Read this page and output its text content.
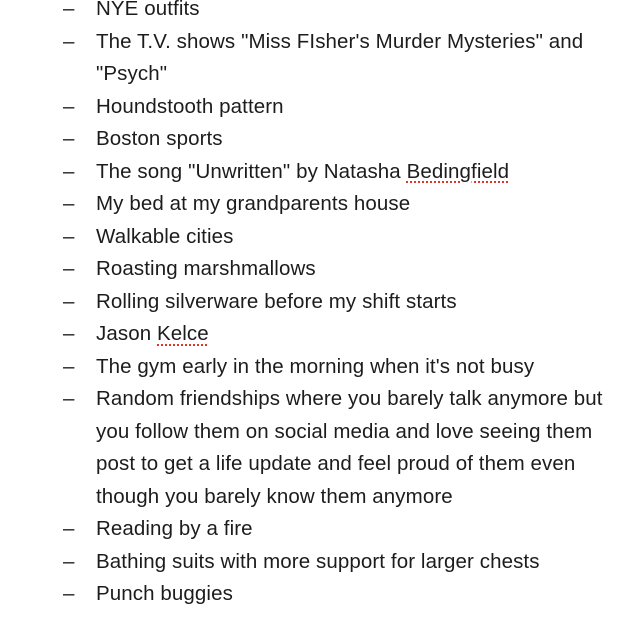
–	NYE outfits
–	The T.V. shows "Miss FIsher's Murder Mysteries" and "Psych"
–	Houndstooth pattern
–	Boston sports
–	The song "Unwritten" by Natasha Bedingfield
–	My bed at my grandparents house
–	Walkable cities
–	Roasting marshmallows
–	Rolling silverware before my shift starts
–	Jason Kelce
–	The gym early in the morning when it's not busy
–	Random friendships where you barely talk anymore but you follow them on social media and love seeing them post to get a life update and feel proud of them even though you barely know them anymore
–	Reading by a fire
–	Bathing suits with more support for larger chests
–	Punch buggies
